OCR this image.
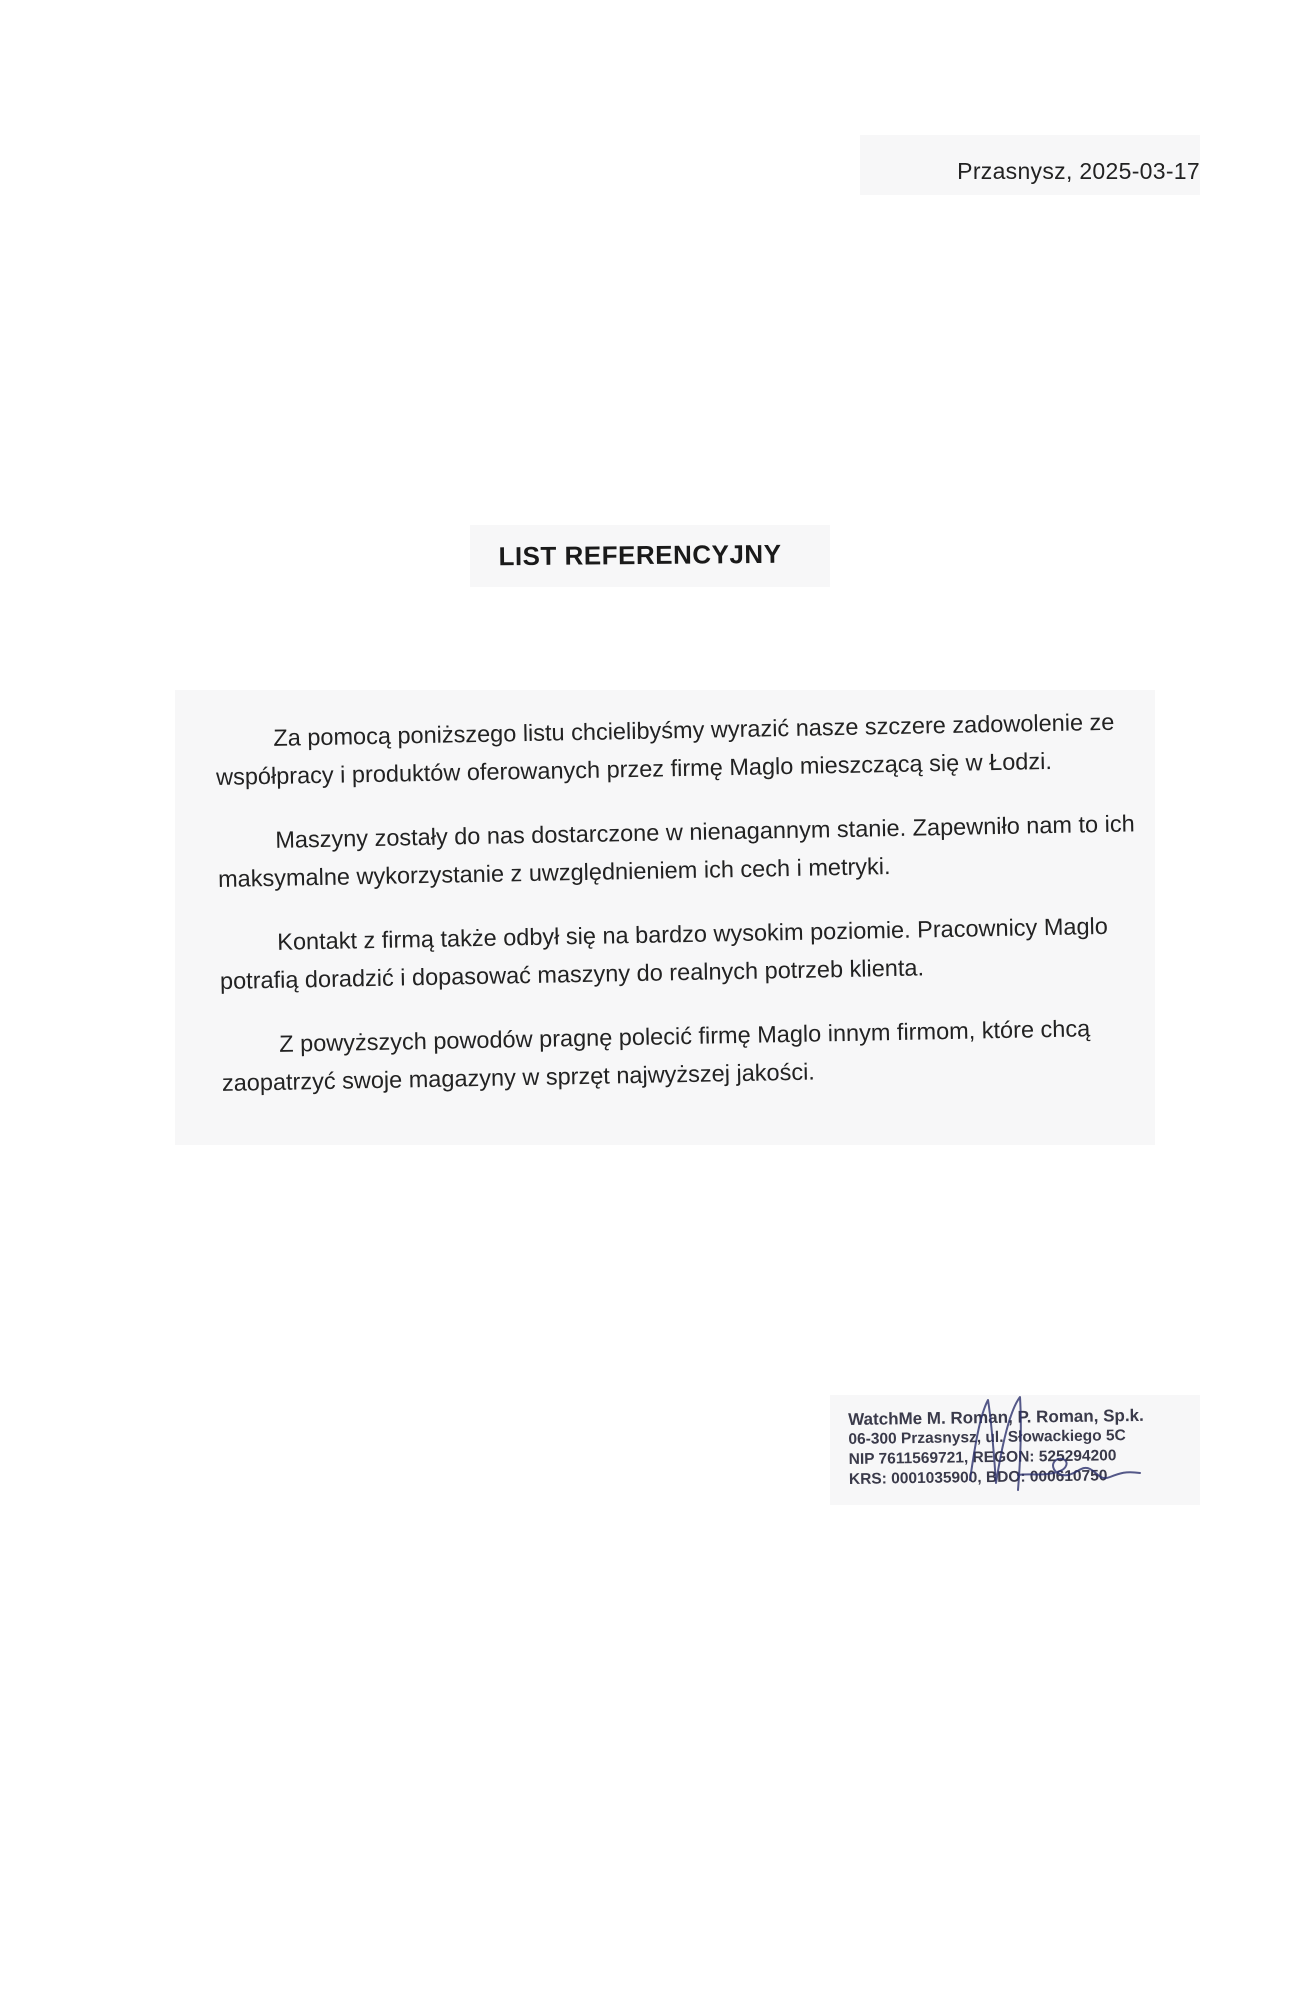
Przasnysz, 2025-03-17
LIST REFERENCYJNY

Za pomocą poniższego listu chcielibyśmy wyrazić nasze szczere zadowolenie ze współpracy i produktów oferowanych przez firmę Maglo mieszczącą się w Łodzi.

Maszyny zostały do nas dostarczone w nienagannym stanie. Zapewniło nam to ich maksymalne wykorzystanie z uwzględnieniem ich cech i metryki.

Kontakt z firmą także odbył się na bardzo wysokim poziomie. Pracownicy Maglo potrafią doradzić i dopasować maszyny do realnych potrzeb klienta.

Z powyższych powodów pragnę polecić firmę Maglo innym firmom, które chcą zaopatrzyć swoje magazyny w sprzęt najwyższej jakości.

WatchMe M. Roman, P. Roman, Sp.k.
06-300 Przasnysz, ul. Słowackiego 5C
NIP 7611569721, REGON: 525294200
KRS: 0001035900, BDO: 000610750
